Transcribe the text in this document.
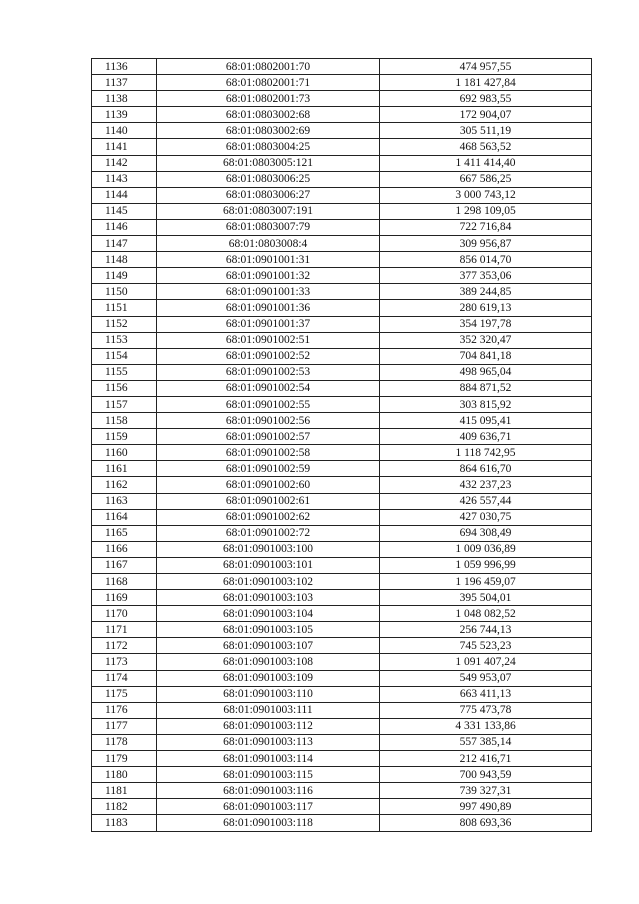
1136	68:01:0802001:70	474 957,55
1137	68:01:0802001:71	1 181 427,84
1138	68:01:0802001:73	692 983,55
1139	68:01:0803002:68	172 904,07
1140	68:01:0803002:69	305 511,19
1141	68:01:0803004:25	468 563,52
1142	68:01:0803005:121	1 411 414,40
1143	68:01:0803006:25	667 586,25
1144	68:01:0803006:27	3 000 743,12
1145	68:01:0803007:191	1 298 109,05
1146	68:01:0803007:79	722 716,84
1147	68:01:0803008:4	309 956,87
1148	68:01:0901001:31	856 014,70
1149	68:01:0901001:32	377 353,06
1150	68:01:0901001:33	389 244,85
1151	68:01:0901001:36	280 619,13
1152	68:01:0901001:37	354 197,78
1153	68:01:0901002:51	352 320,47
1154	68:01:0901002:52	704 841,18
1155	68:01:0901002:53	498 965,04
1156	68:01:0901002:54	884 871,52
1157	68:01:0901002:55	303 815,92
1158	68:01:0901002:56	415 095,41
1159	68:01:0901002:57	409 636,71
1160	68:01:0901002:58	1 118 742,95
1161	68:01:0901002:59	864 616,70
1162	68:01:0901002:60	432 237,23
1163	68:01:0901002:61	426 557,44
1164	68:01:0901002:62	427 030,75
1165	68:01:0901002:72	694 308,49
1166	68:01:0901003:100	1 009 036,89
1167	68:01:0901003:101	1 059 996,99
1168	68:01:0901003:102	1 196 459,07
1169	68:01:0901003:103	395 504,01
1170	68:01:0901003:104	1 048 082,52
1171	68:01:0901003:105	256 744,13
1172	68:01:0901003:107	745 523,23
1173	68:01:0901003:108	1 091 407,24
1174	68:01:0901003:109	549 953,07
1175	68:01:0901003:110	663 411,13
1176	68:01:0901003:111	775 473,78
1177	68:01:0901003:112	4 331 133,86
1178	68:01:0901003:113	557 385,14
1179	68:01:0901003:114	212 416,71
1180	68:01:0901003:115	700 943,59
1181	68:01:0901003:116	739 327,31
1182	68:01:0901003:117	997 490,89
1183	68:01:0901003:118	808 693,36
